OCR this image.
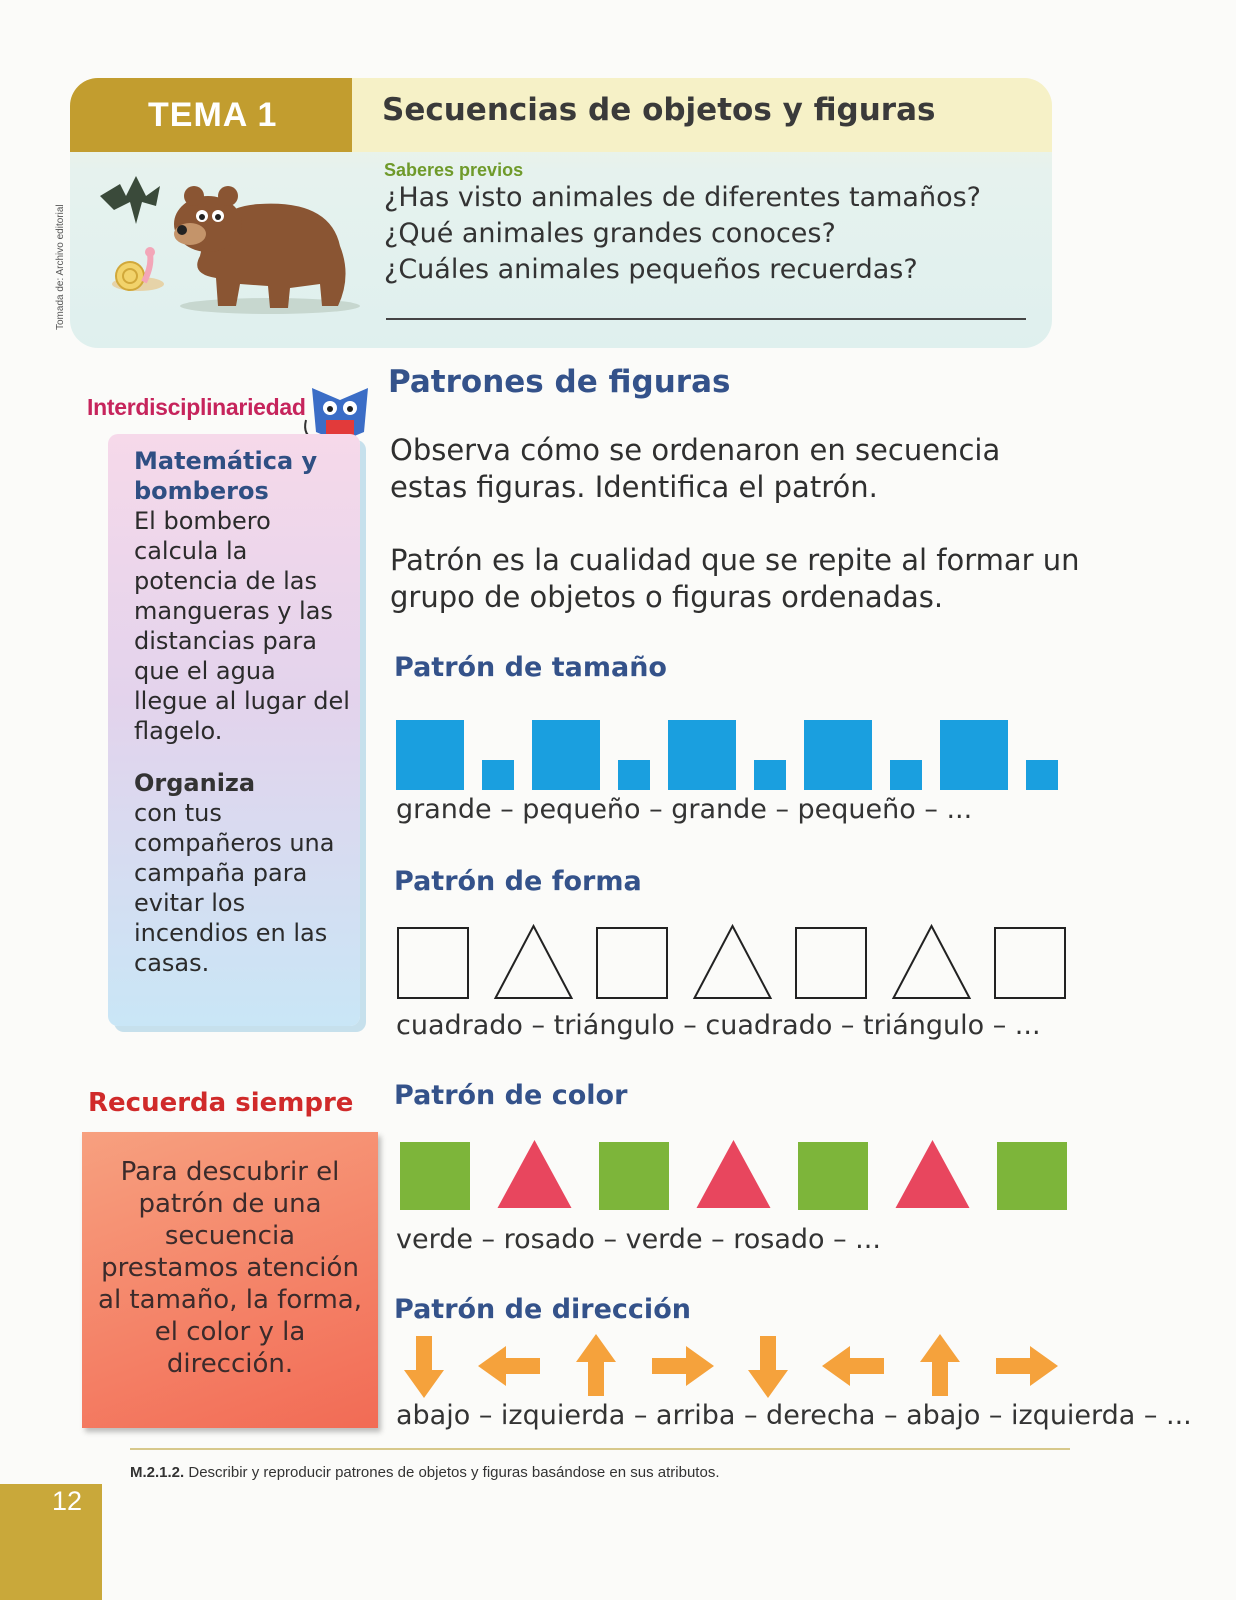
Tomada de: Archivo editorial
TEMA 1	Secuencias de objetos y figuras
Saberes previos
¿Has visto animales de diferentes tamaños?
¿Qué animales grandes conoces?
¿Cuáles animales pequeños recuerdas?
Interdisciplinariedad
Matemática y bomberos
El bombero calcula la potencia de las mangueras y las distancias para que el agua llegue al lugar del flagelo.
Organiza
con tus compañeros una campaña para evitar los incendios en las casas.
Recuerda siempre
Para descubrir el patrón de una secuencia prestamos atención al tamaño, la forma, el color y la dirección.
Patrones de figuras
Observa cómo se ordenaron en secuencia estas figuras. Identifica el patrón.
Patrón es la cualidad que se repite al formar un grupo de objetos o figuras ordenadas.
Patrón de tamaño
grande – pequeño – grande – pequeño – ...
Patrón de forma
cuadrado – triángulo – cuadrado – triángulo – ...
Patrón de color
verde – rosado – verde – rosado – ...
Patrón de dirección
abajo – izquierda – arriba – derecha – abajo – izquierda – ...
M.2.1.2. Describir y reproducir patrones de objetos y figuras basándose en sus atributos.
12
